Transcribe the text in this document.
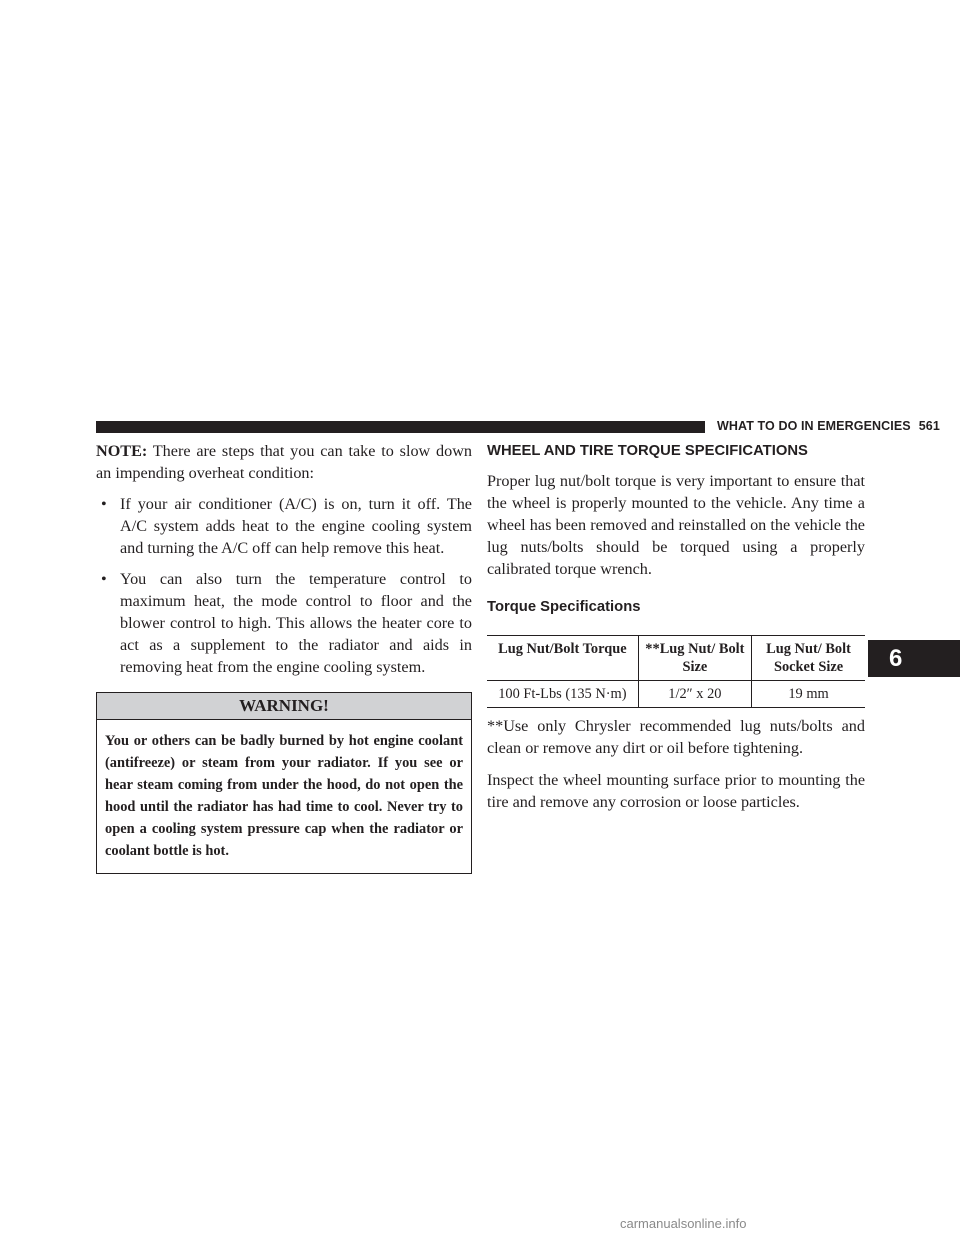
WHAT TO DO IN EMERGENCIES 561

NOTE: There are steps that you can take to slow down an impending overheat condition:

• If your air conditioner (A/C) is on, turn it off. The A/C system adds heat to the engine cooling system and turning the A/C off can help remove this heat.
• You can also turn the temperature control to maximum heat, the mode control to floor and the blower control to high. This allows the heater core to act as a supplement to the radiator and aids in removing heat from the engine cooling system.
WARNING!
You or others can be badly burned by hot engine coolant (antifreeze) or steam from your radiator. If you see or hear steam coming from under the hood, do not open the hood until the radiator has had time to cool. Never try to open a cooling system pressure cap when the radiator or coolant bottle is hot.
WHEEL AND TIRE TORQUE SPECIFICATIONS

Proper lug nut/bolt torque is very important to ensure that the wheel is properly mounted to the vehicle. Any time a wheel has been removed and reinstalled on the vehicle the lug nuts/bolts should be torqued using a properly calibrated torque wrench.

Torque Specifications
Lug Nut/Bolt Torque	**Lug Nut/ Bolt Size	Lug Nut/ Bolt Socket Size
100 Ft-Lbs (135 N·m)	1/2″ x 20	19 mm

**Use only Chrysler recommended lug nuts/bolts and clean or remove any dirt or oil before tightening.

Inspect the wheel mounting surface prior to mounting the tire and remove any corrosion or loose particles.

6
carmanualsonline.info
